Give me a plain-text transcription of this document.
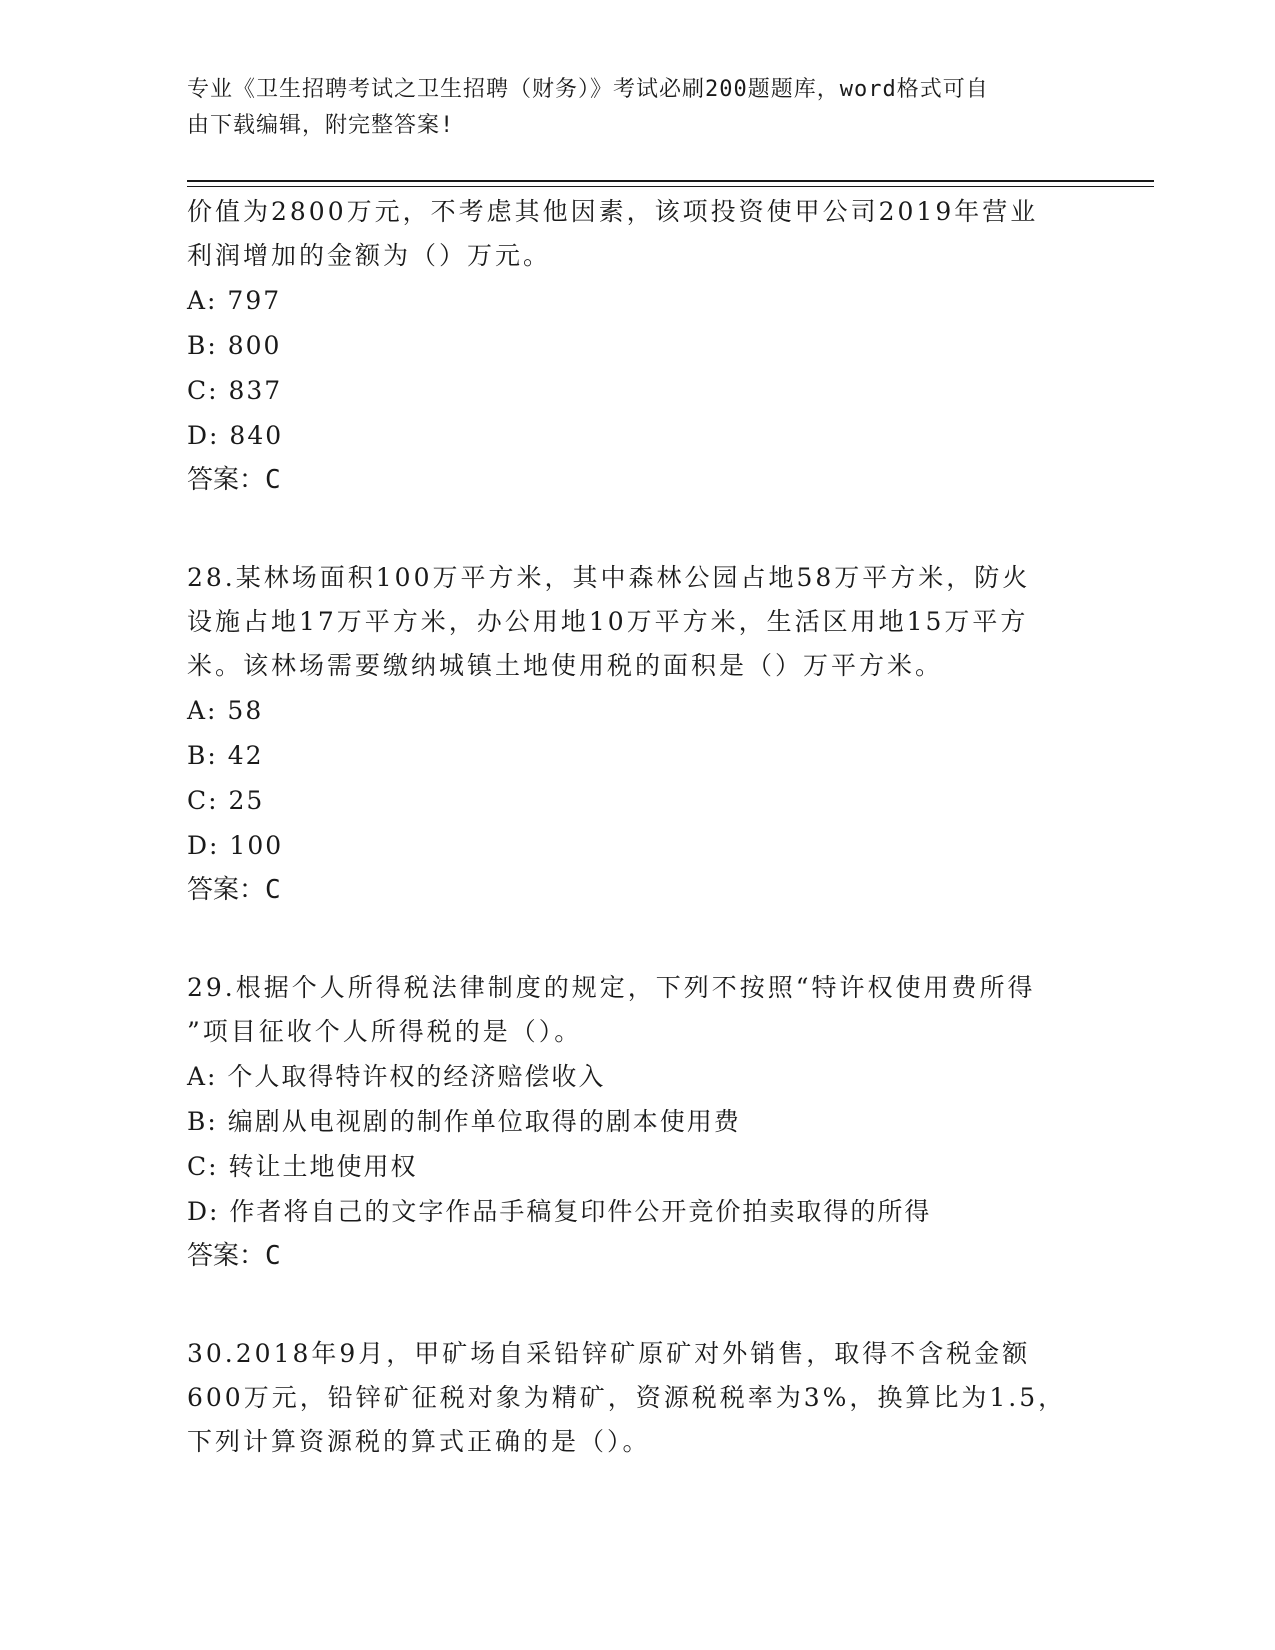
专业《卫生招聘考试之卫生招聘（财务）》考试必刷200题题库，word格式可自
由下载编辑，附完整答案!

价值为2800万元，不考虑其他因素，该项投资使甲公司2019年营业
利润增加的金额为（）万元。

A: 797

B: 800

C: 837

D: 840

答案：C

28.某林场面积100万平方米，其中森林公园占地58万平方米，防火
设施占地17万平方米，办公用地10万平方米，生活区用地15万平方
米。该林场需要缴纳城镇土地使用税的面积是（）万平方米。

A: 58

B: 42

C: 25

D: 100

答案：C

29.根据个人所得税法律制度的规定，下列不按照“特许权使用费所得
”项目征收个人所得税的是（）。

A: 个人取得特许权的经济赔偿收入

B: 编剧从电视剧的制作单位取得的剧本使用费

C: 转让土地使用权

D: 作者将自己的文字作品手稿复印件公开竞价拍卖取得的所得

答案：C

30.2018年9月，甲矿场自采铅锌矿原矿对外销售，取得不含税金额
600万元，铅锌矿征税对象为精矿，资源税税率为3%，换算比为1.5，
下列计算资源税的算式正确的是（）。
